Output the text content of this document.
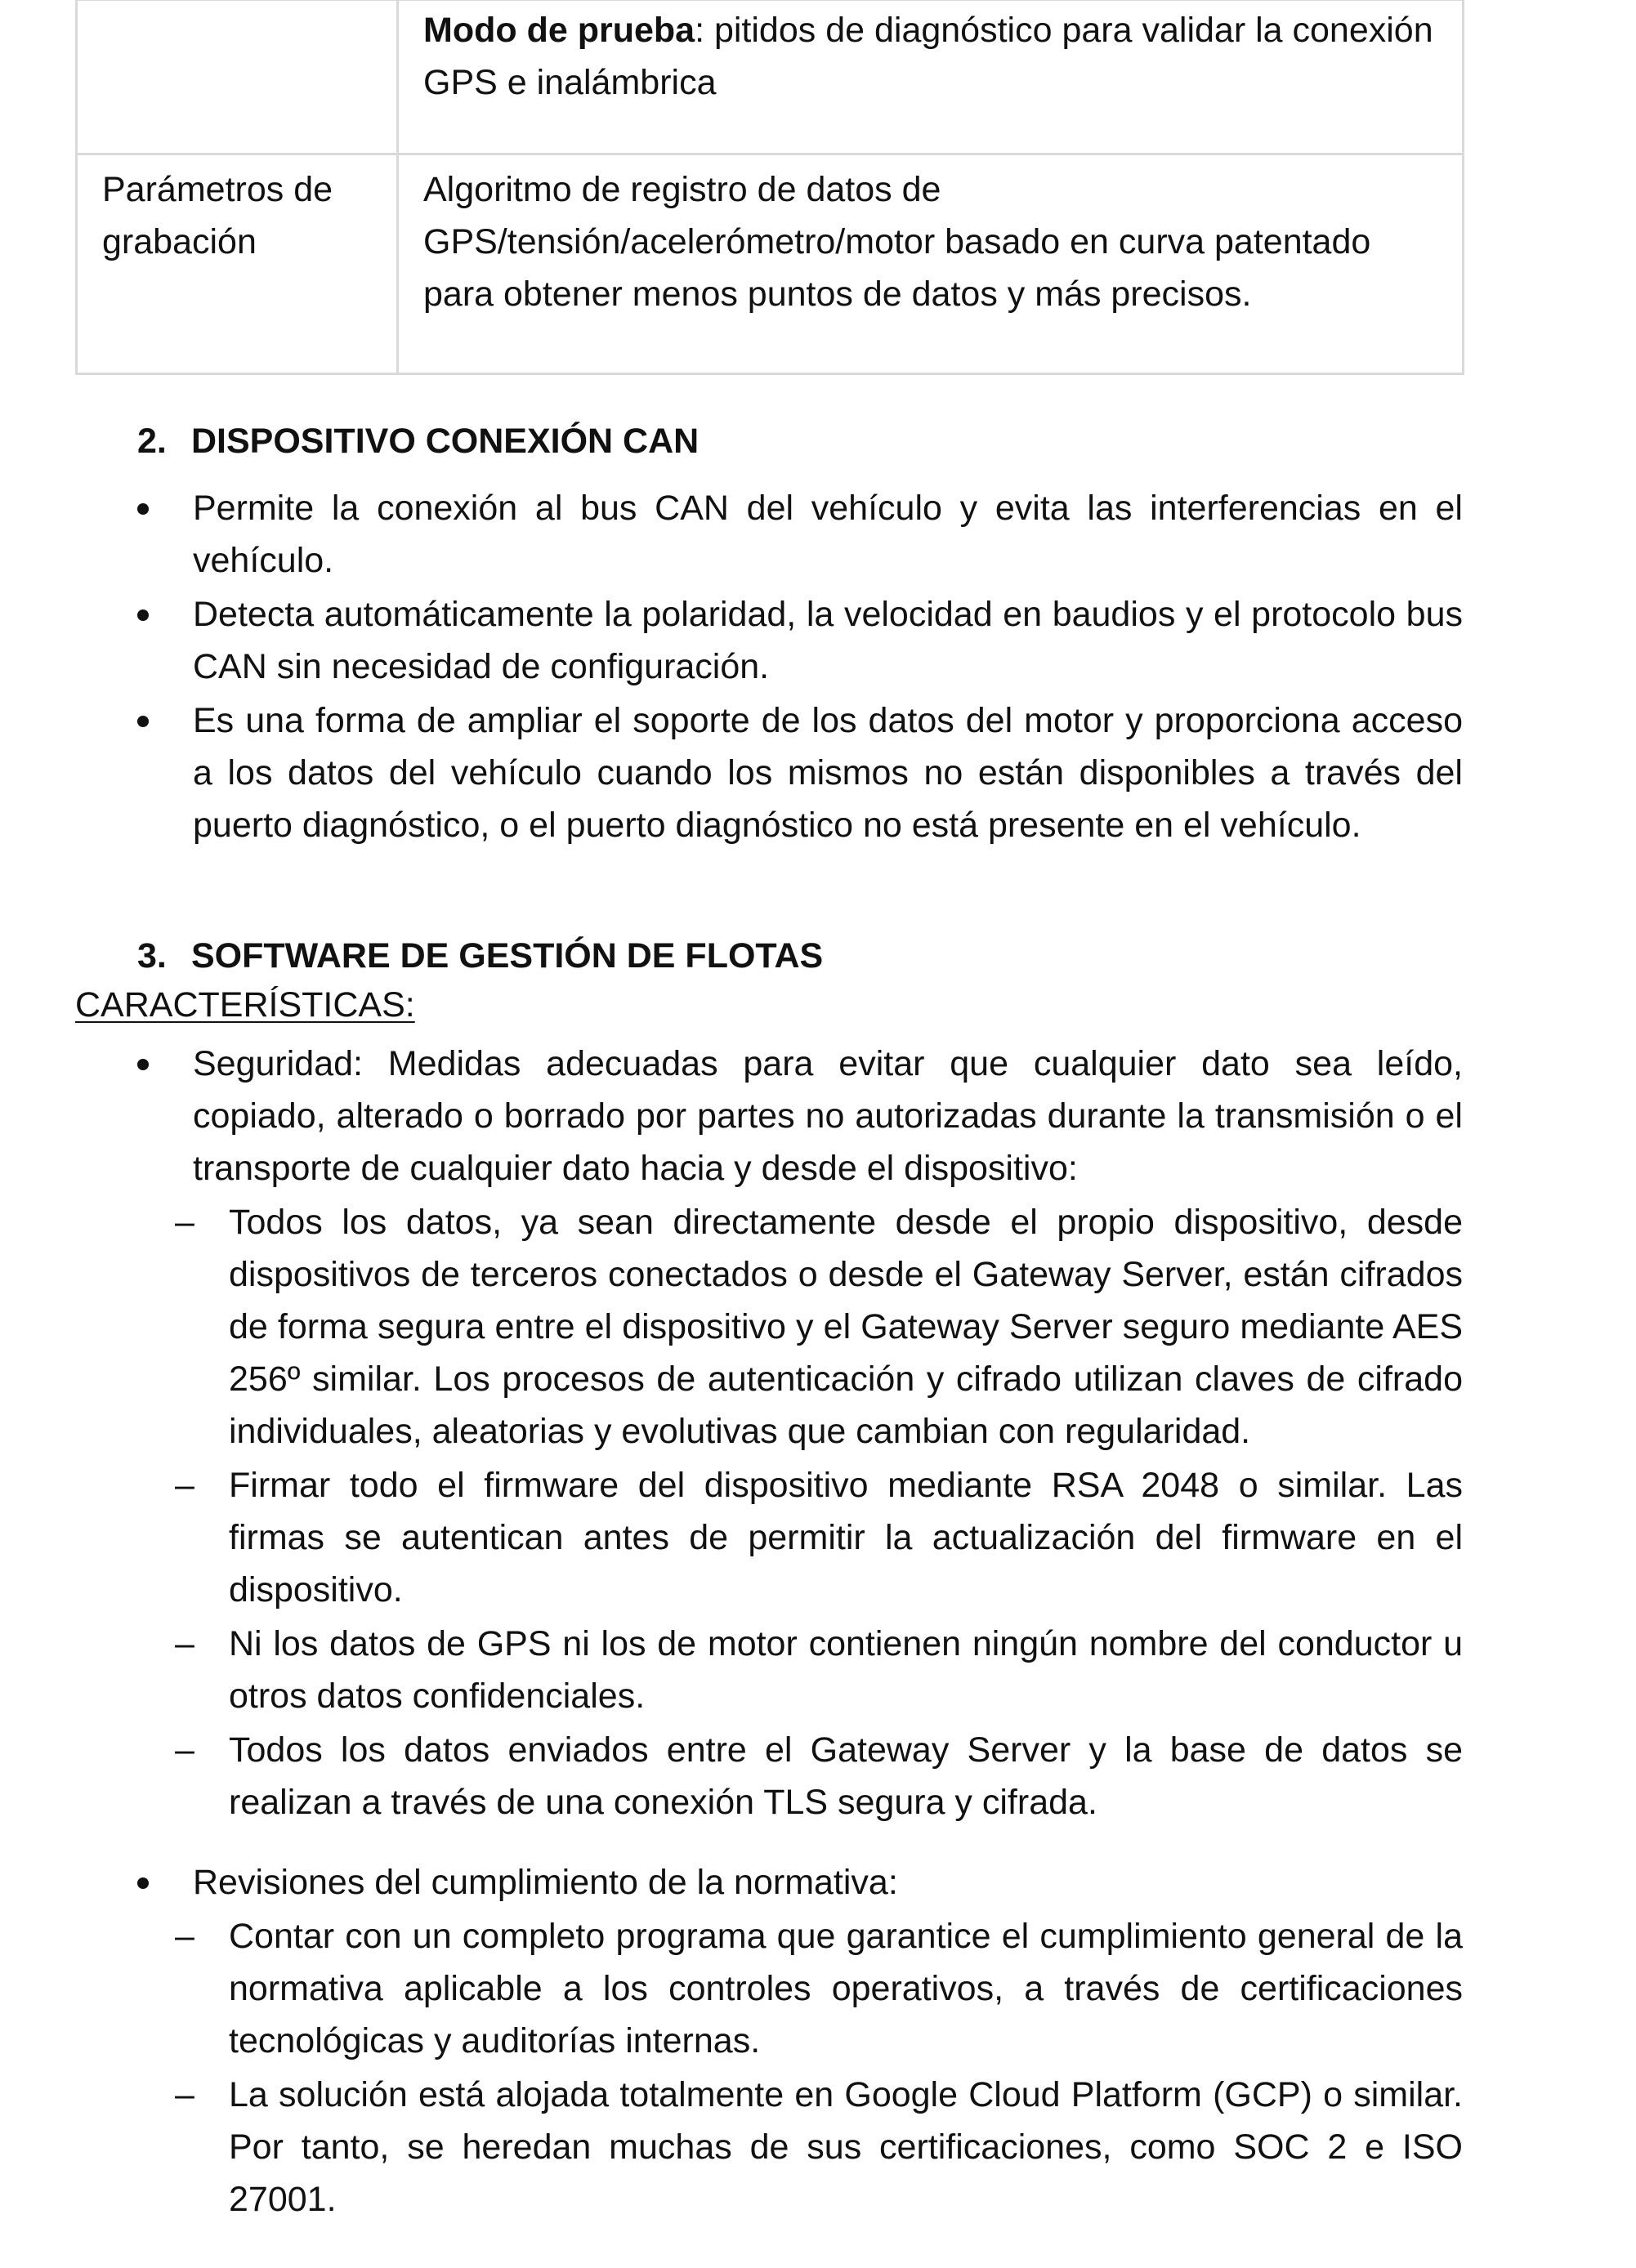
	Modo de prueba: pitidos de diagnóstico para validar la conexión GPS e inalámbrica

Parámetros de grabación	Algoritmo de registro de datos de GPS/tensión/acelerómetro/motor basado en curva patentado para obtener menos puntos de datos y más precisos.
2. DISPOSITIVO CONEXIÓN CAN
Permite la conexión al bus CAN del vehículo y evita las interferencias en el vehículo.
Detecta automáticamente la polaridad, la velocidad en baudios y el protocolo bus CAN sin necesidad de configuración.
Es una forma de ampliar el soporte de los datos del motor y proporciona acceso a los datos del vehículo cuando los mismos no están disponibles a través del puerto diagnóstico, o el puerto diagnóstico no está presente en el vehículo.
3. SOFTWARE DE GESTIÓN DE FLOTAS
CARACTERÍSTICAS:
Seguridad: Medidas adecuadas para evitar que cualquier dato sea leído, copiado, alterado o borrado por partes no autorizadas durante la transmisión o el transporte de cualquier dato hacia y desde el dispositivo:
– Todos los datos, ya sean directamente desde el propio dispositivo, desde dispositivos de terceros conectados o desde el Gateway Server, están cifrados de forma segura entre el dispositivo y el Gateway Server seguro mediante AES 256º similar. Los procesos de autenticación y cifrado utilizan claves de cifrado individuales, aleatorias y evolutivas que cambian con regularidad.
– Firmar todo el firmware del dispositivo mediante RSA 2048 o similar. Las firmas se autentican antes de permitir la actualización del firmware en el dispositivo.
– Ni los datos de GPS ni los de motor contienen ningún nombre del conductor u otros datos confidenciales.
– Todos los datos enviados entre el Gateway Server y la base de datos se realizan a través de una conexión TLS segura y cifrada.
Revisiones del cumplimiento de la normativa:
– Contar con un completo programa que garantice el cumplimiento general de la normativa aplicable a los controles operativos, a través de certificaciones tecnológicas y auditorías internas.
– La solución está alojada totalmente en Google Cloud Platform (GCP) o similar. Por tanto, se heredan muchas de sus certificaciones, como SOC 2 e ISO 27001.
